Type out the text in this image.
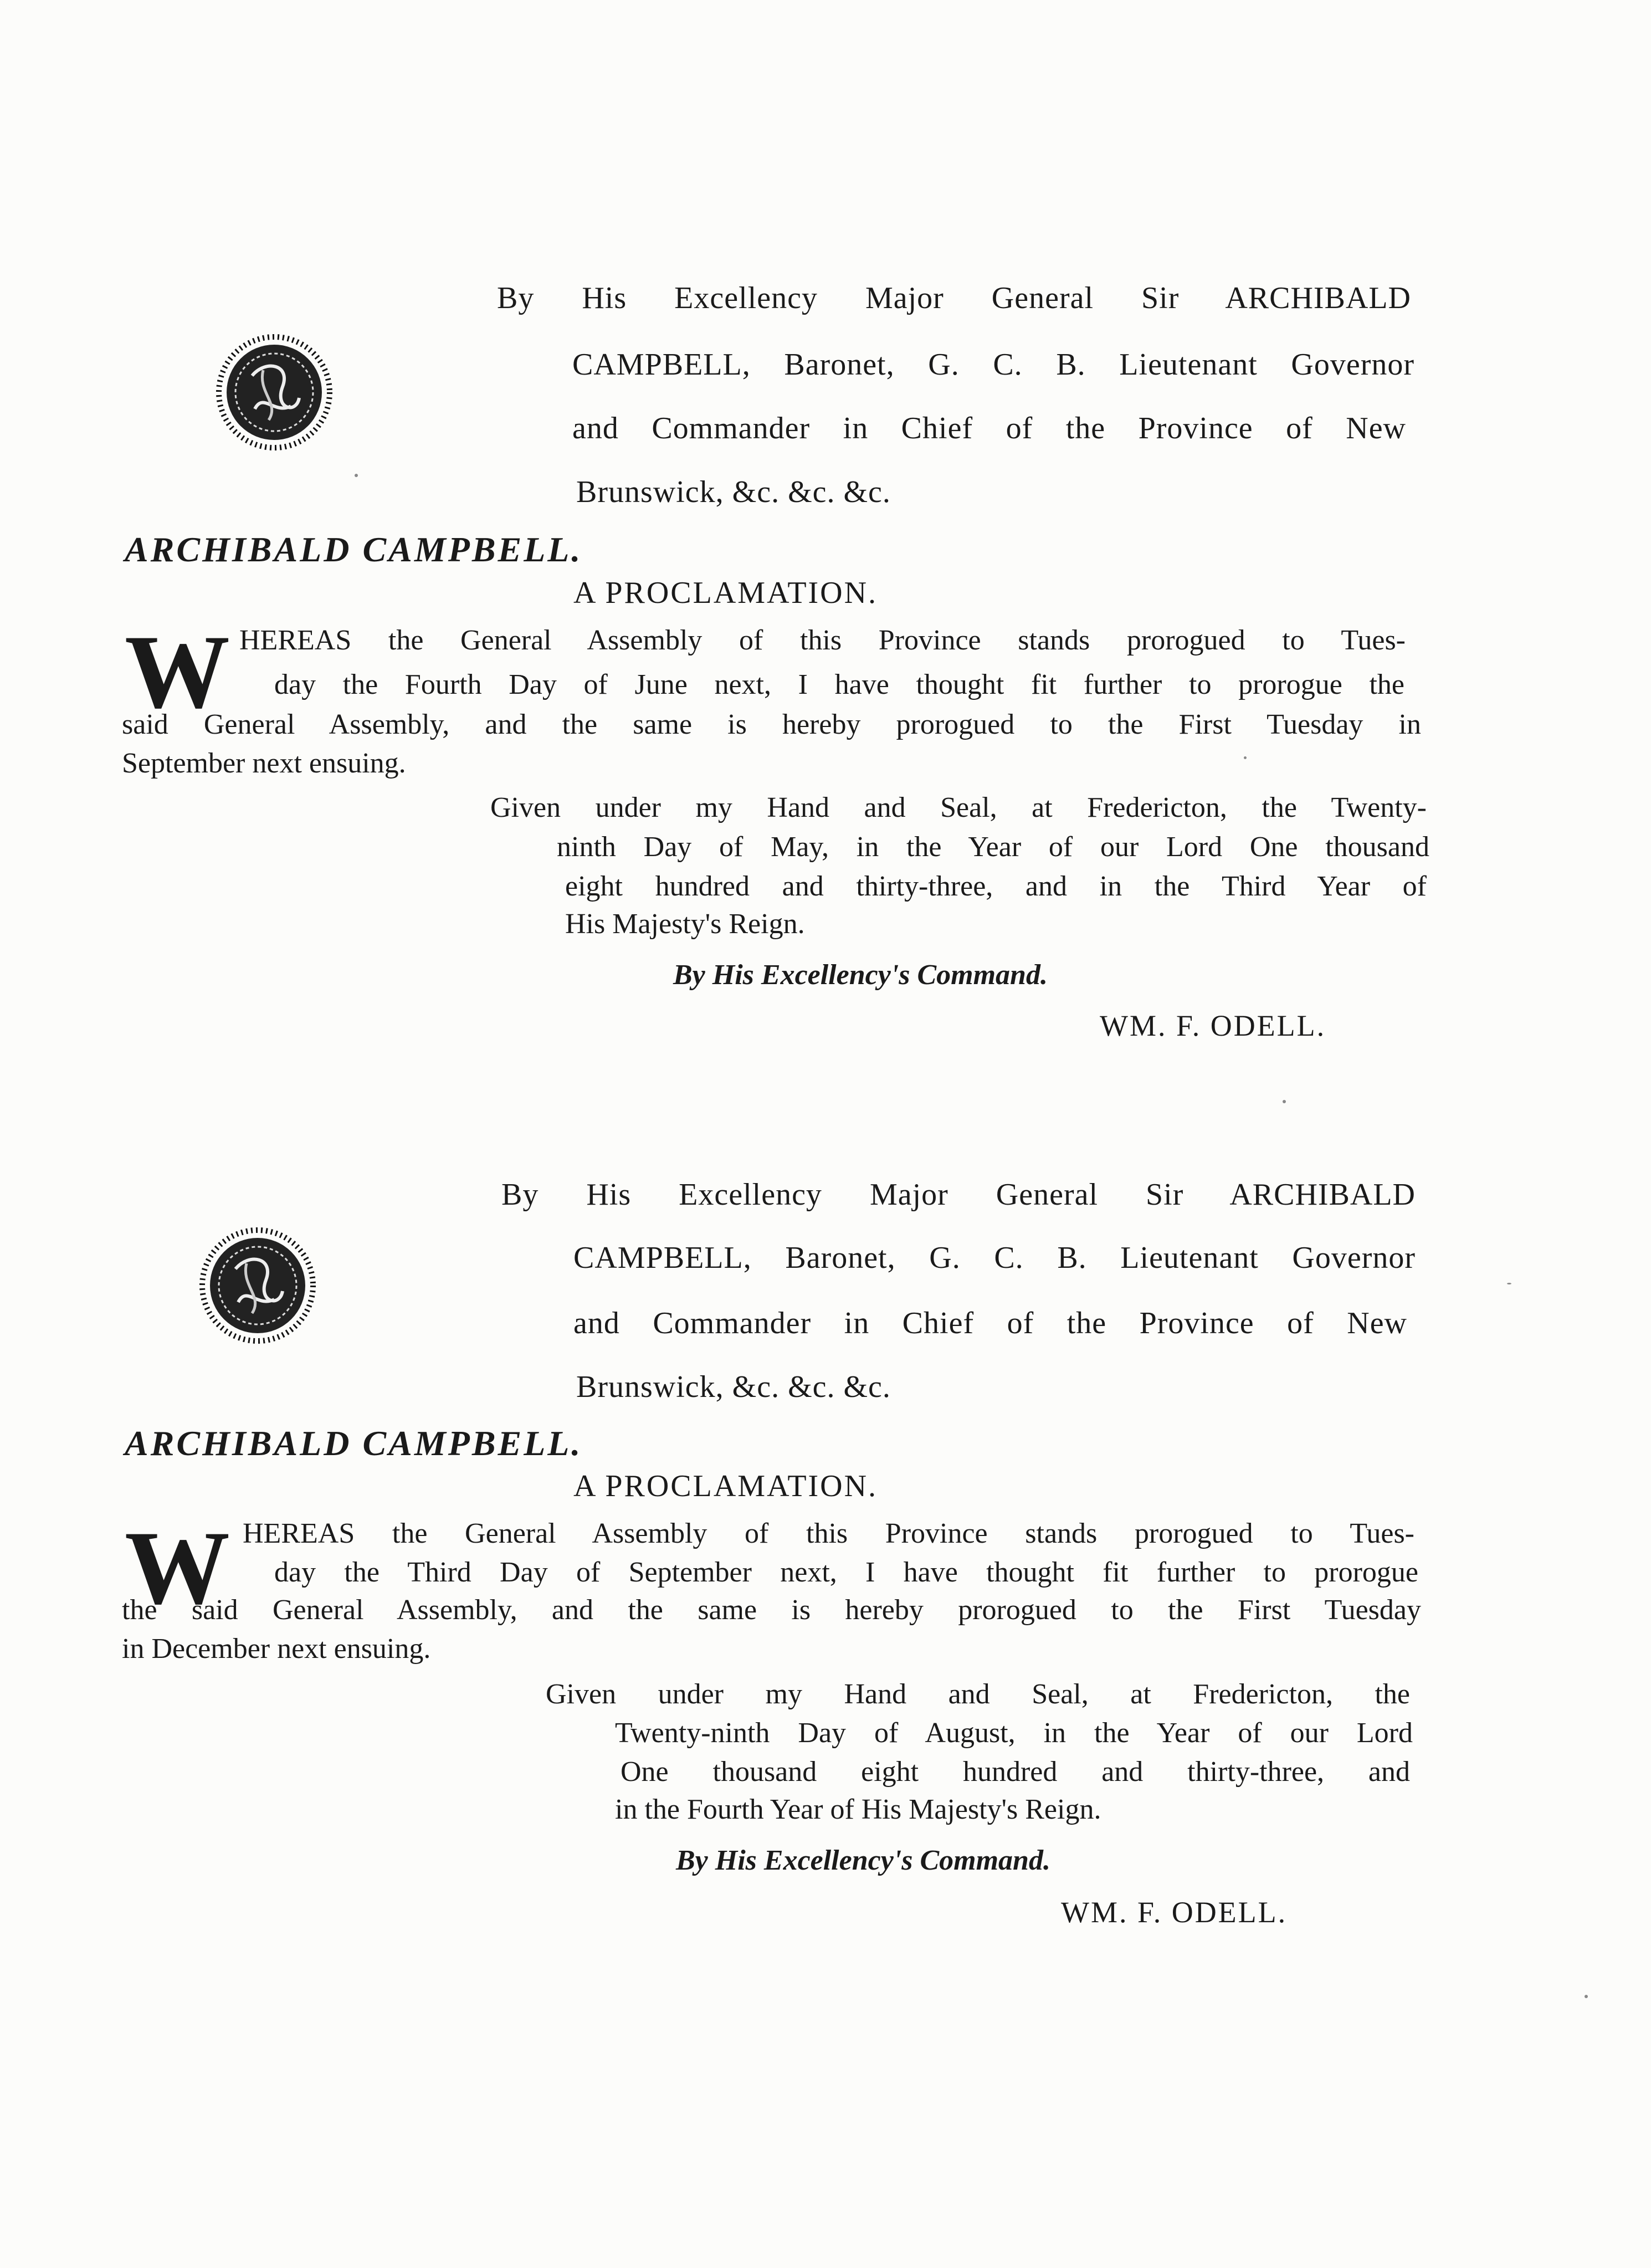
By His Excellency Major General Sir ARCHIBALD
CAMPBELL, Baronet, G. C. B. Lieutenant Governor
and Commander in Chief of the Province of New
Brunswick, &c. &c. &c.
ARCHIBALD CAMPBELL.
A PROCLAMATION.
W HEREAS the General Assembly of this Province stands prorogued to Tues-
day the Fourth Day of June next, I have thought fit further to prorogue the
said General Assembly, and the same is hereby prorogued to the First Tuesday in
September next ensuing.
Given under my Hand and Seal, at Fredericton, the Twenty-
ninth Day of May, in the Year of our Lord One thousand
eight hundred and thirty-three, and in the Third Year of
His Majesty's Reign.
By His Excellency's Command.
WM. F. ODELL.
By His Excellency Major General Sir ARCHIBALD
CAMPBELL, Baronet, G. C. B. Lieutenant Governor
and Commander in Chief of the Province of New
Brunswick, &c. &c. &c.
ARCHIBALD CAMPBELL.
A PROCLAMATION.
W HEREAS the General Assembly of this Province stands prorogued to Tues-
day the Third Day of September next, I have thought fit further to prorogue
the said General Assembly, and the same is hereby prorogued to the First Tuesday
in December next ensuing.
Given under my Hand and Seal, at Fredericton, the
Twenty-ninth Day of August, in the Year of our Lord
One thousand eight hundred and thirty-three, and
in the Fourth Year of His Majesty's Reign.
By His Excellency's Command.
WM. F. ODELL.
